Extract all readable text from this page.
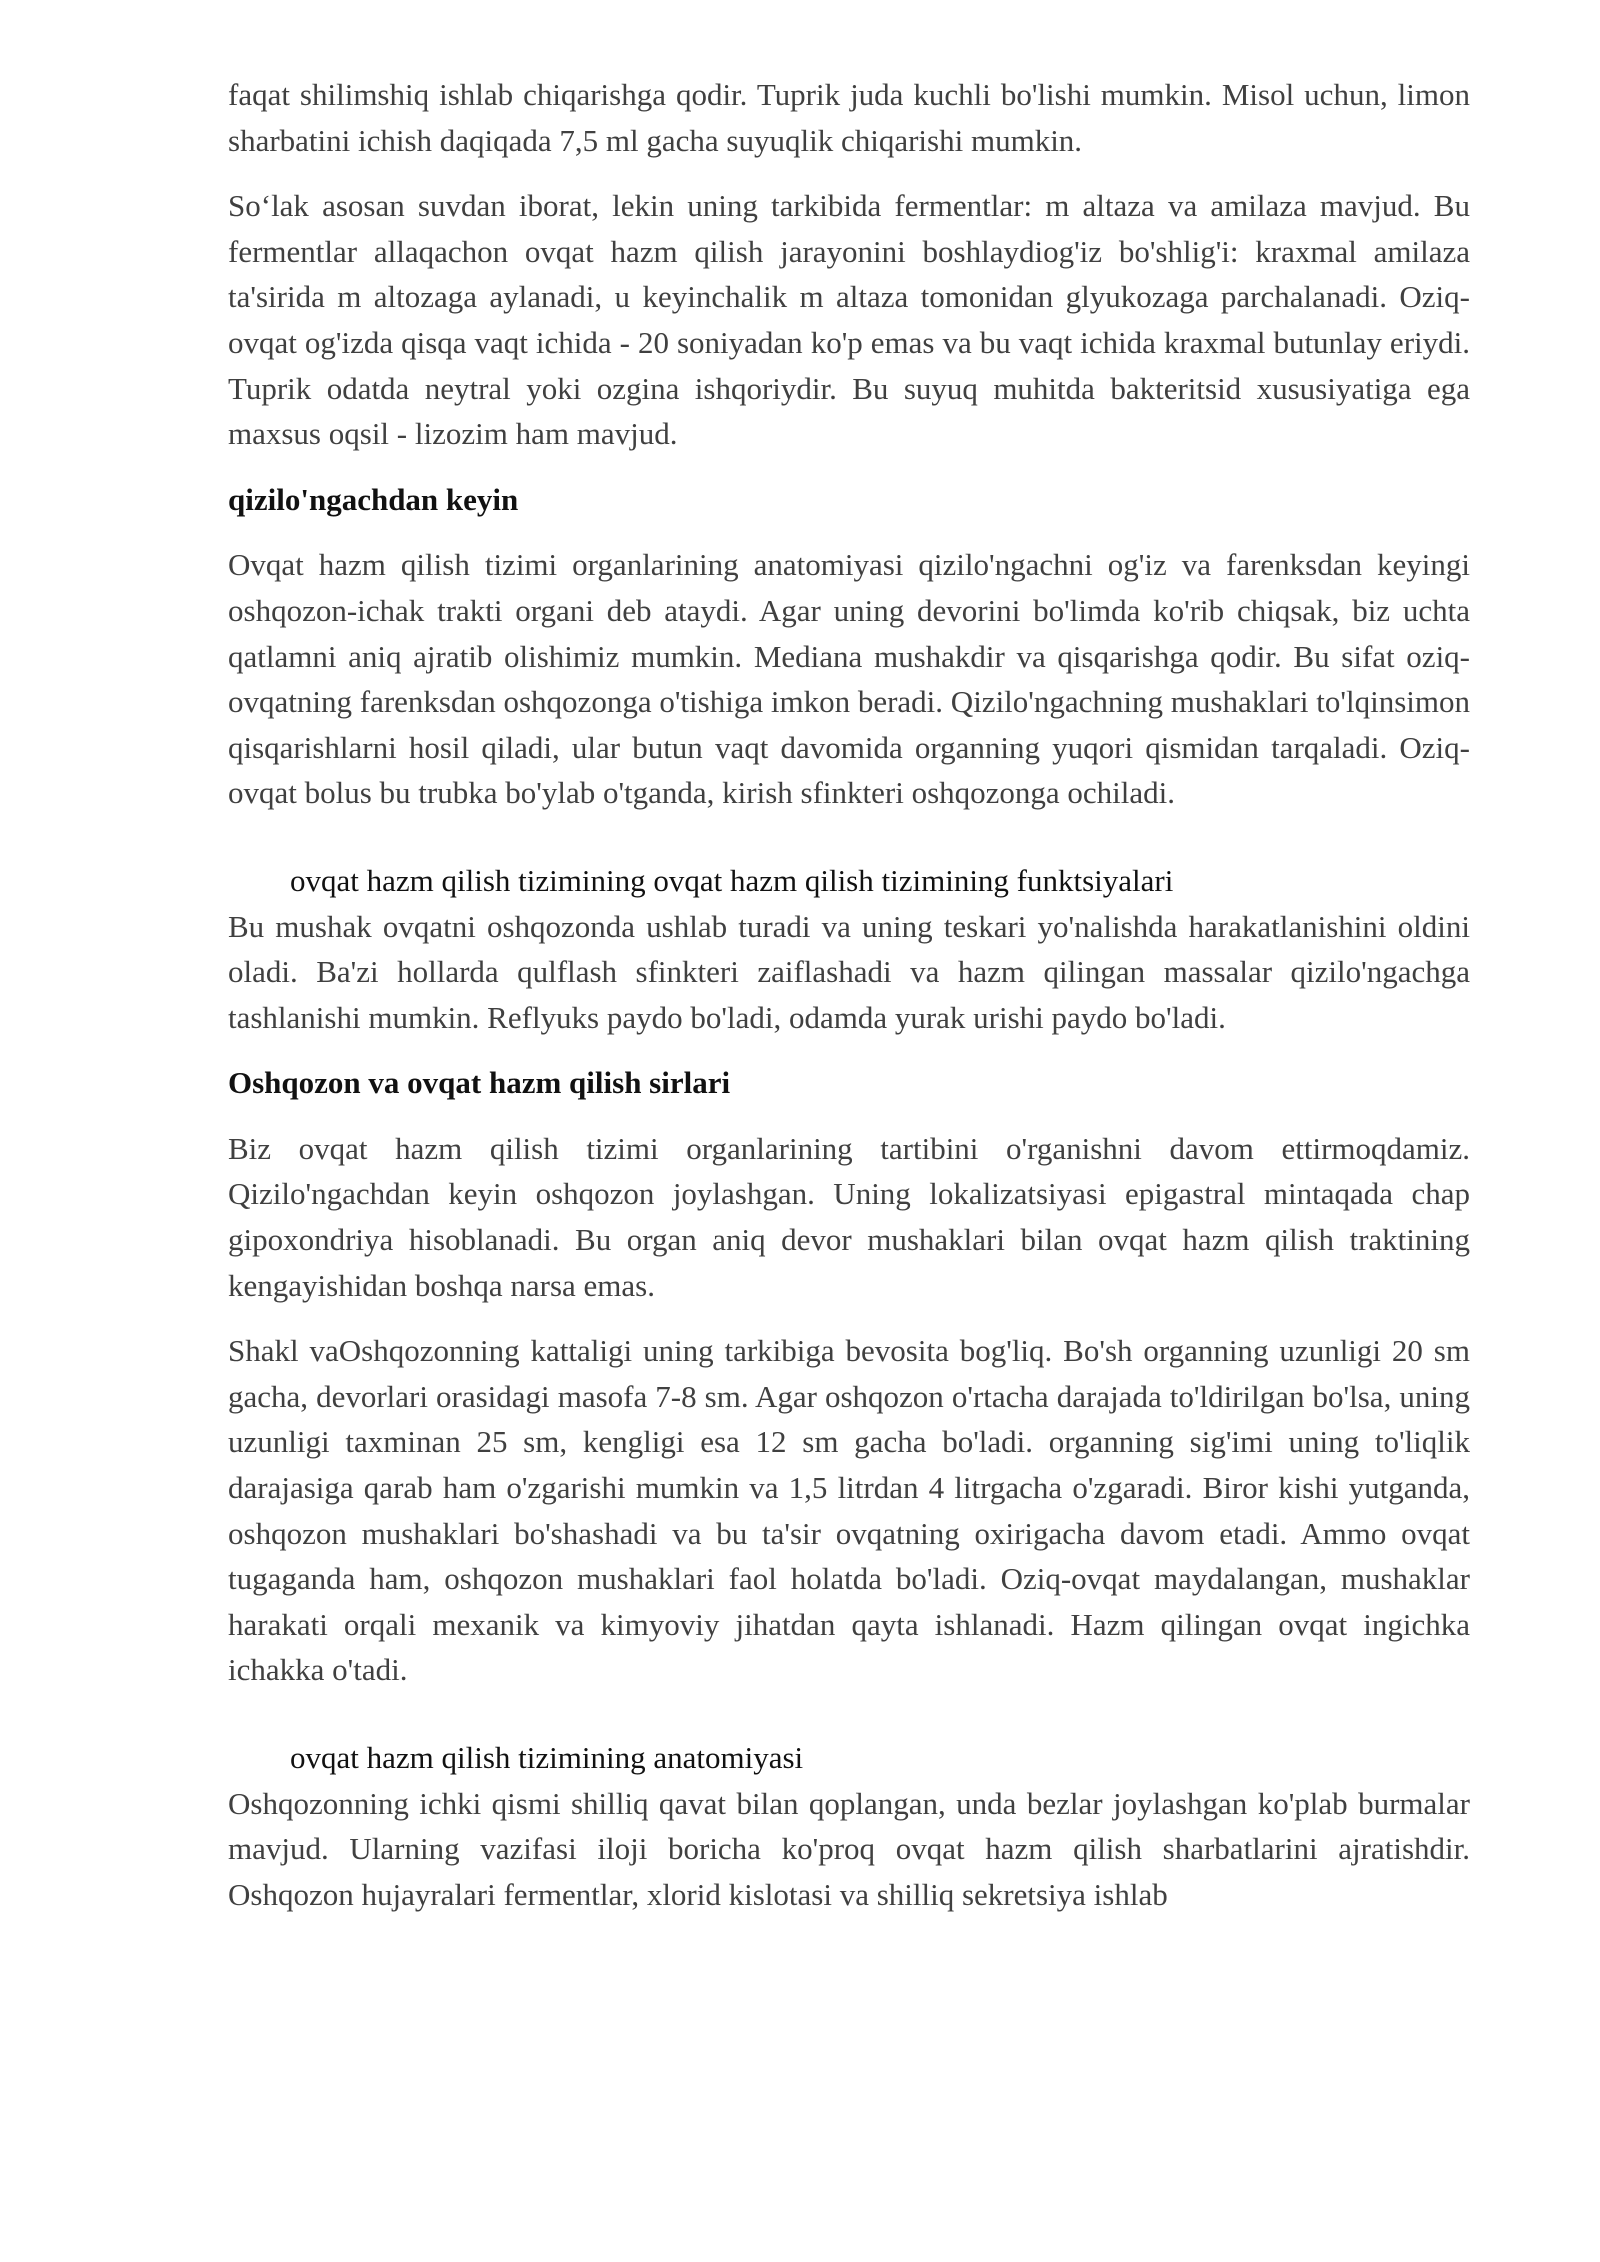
faqat shilimshiq ishlab chiqarishga qodir. Tuprik juda kuchli bo'lishi mumkin. Misol uchun, limon sharbatini ichish daqiqada 7,5 ml gacha suyuqlik chiqarishi mumkin.

So‘lak asosan suvdan iborat, lekin uning tarkibida fermentlar: m altaza va amilaza mavjud. Bu fermentlar allaqachon ovqat hazm qilish jarayonini boshlaydiog'iz bo'shlig'i: kraxmal amilaza ta'sirida m altozaga aylanadi, u keyinchalik m altaza tomonidan glyukozaga parchalanadi. Oziq-ovqat og'izda qisqa vaqt ichida - 20 soniyadan ko'p emas va bu vaqt ichida kraxmal butunlay eriydi. Tuprik odatda neytral yoki ozgina ishqoriydir. Bu suyuq muhitda bakteritsid xususiyatiga ega maxsus oqsil - lizozim ham mavjud.

qizilo'ngachdan keyin

Ovqat hazm qilish tizimi organlarining anatomiyasi qizilo'ngachni og'iz va farenksdan keyingi oshqozon-ichak trakti organi deb ataydi. Agar uning devorini bo'limda ko'rib chiqsak, biz uchta qatlamni aniq ajratib olishimiz mumkin. Mediana mushakdir va qisqarishga qodir. Bu sifat oziq-ovqatning farenksdan oshqozonga o'tishiga imkon beradi. Qizilo'ngachning mushaklari to'lqinsimon qisqarishlarni hosil qiladi, ular butun vaqt davomida organning yuqori qismidan tarqaladi. Oziq-ovqat bolus bu trubka bo'ylab o'tganda, kirish sfinkteri oshqozonga ochiladi.

ovqat hazm qilish tizimining ovqat hazm qilish tizimining funktsiyalari

Bu mushak ovqatni oshqozonda ushlab turadi va uning teskari yo'nalishda harakatlanishini oldini oladi. Ba'zi hollarda qulflash sfinkteri zaiflashadi va hazm qilingan massalar qizilo'ngachga tashlanishi mumkin. Reflyuks paydo bo'ladi, odamda yurak urishi paydo bo'ladi.

Oshqozon va ovqat hazm qilish sirlari

Biz ovqat hazm qilish tizimi organlarining tartibini o'rganishni davom ettirmoqdamiz. Qizilo'ngachdan keyin oshqozon joylashgan. Uning lokalizatsiyasi epigastral mintaqada chap gipoxondriya hisoblanadi. Bu organ aniq devor mushaklari bilan ovqat hazm qilish traktining kengayishidan boshqa narsa emas.

Shakl vaOshqozonning kattaligi uning tarkibiga bevosita bog'liq. Bo'sh organning uzunligi 20 sm gacha, devorlari orasidagi masofa 7-8 sm. Agar oshqozon o'rtacha darajada to'ldirilgan bo'lsa, uning uzunligi taxminan 25 sm, kengligi esa 12 sm gacha bo'ladi. organning sig'imi uning to'liqlik darajasiga qarab ham o'zgarishi mumkin va 1,5 litrdan 4 litrgacha o'zgaradi. Biror kishi yutganda, oshqozon mushaklari bo'shashadi va bu ta'sir ovqatning oxirigacha davom etadi. Ammo ovqat tugaganda ham, oshqozon mushaklari faol holatda bo'ladi. Oziq-ovqat maydalangan, mushaklar harakati orqali mexanik va kimyoviy jihatdan qayta ishlanadi. Hazm qilingan ovqat ingichka ichakka o'tadi.

ovqat hazm qilish tizimining anatomiyasi

Oshqozonning ichki qismi shilliq qavat bilan qoplangan, unda bezlar joylashgan ko'plab burmalar mavjud. Ularning vazifasi iloji boricha ko'proq ovqat hazm qilish sharbatlarini ajratishdir. Oshqozon hujayralari fermentlar, xlorid kislotasi va shilliq sekretsiya ishlab
